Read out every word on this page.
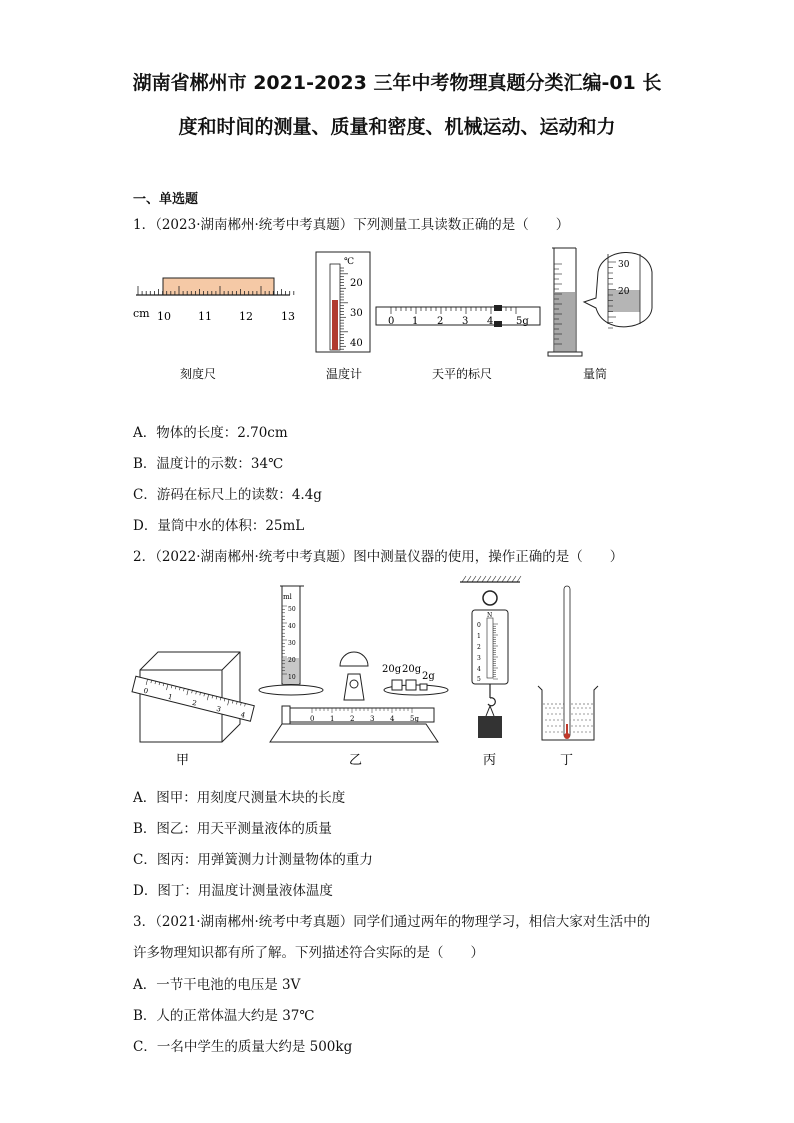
湖南省郴州市 2021-2023 三年中考物理真题分类汇编-01 长
度和时间的测量、质量和密度、机械运动、运动和力
一、单选题
1．（2023·湖南郴州·统考中考真题）下列测量工具读数正确的是（　　）
cm 10 11 12	13
刻度尺
℃
20
30
40
温度计
0 1 2 3 4 5g
天平的标尺
30
20
量筒
A．物体的长度：2.70cm
B．温度计的示数：34℃
C．游码在标尺上的读数：4.4g
D．量筒中水的体积：25mL
2．（2022·湖南郴州·统考中考真题）图中测量仪器的使用，操作正确的是（　　）
0
1
2
3
4
甲
ml
50
40
30
20
10
20g 20g
2g
0 1 2 3 4 5g
乙
N
0
1
2
3
4
5
丙	丁
A．图甲：用刻度尺测量木块的长度
B．图乙：用天平测量液体的质量
C．图丙：用弹簧测力计测量物体的重力
D．图丁：用温度计测量液体温度
3．（2021·湖南郴州·统考中考真题）同学们通过两年的物理学习，相信大家对生活中的
许多物理知识都有所了解。下列描述符合实际的是（　　）
A．一节干电池的电压是 3V
B．人的正常体温大约是 37℃
C．一名中学生的质量大约是 500kg
